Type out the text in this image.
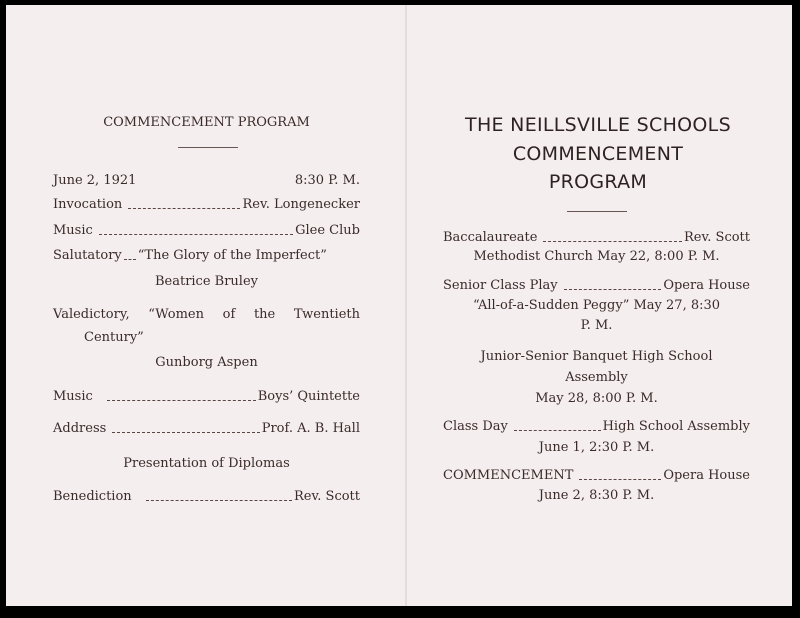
COMMENCEMENT PROGRAM
June 2, 1921	8:30 P. M.
Invocation	Rev. Longenecker
Music	Glee Club
Salutatory “The Glory of the Imperfect”
Beatrice Bruley
Valedictory, “Women of the Twentieth
Century”
Gunborg Aspen
Music	Boys’ Quintette
Address	Prof. A. B. Hall
Presentation of Diplomas
Benediction	Rev. Scott
THE NEILLSVILLE SCHOOLS
COMMENCEMENT
PROGRAM
Baccalaureate	Rev. Scott
Methodist Church May 22, 8:00 P. M.
Senior Class Play	Opera House
“All-of-a-Sudden Peggy” May 27, 8:30
P. M.
Junior-Senior Banquet High School
Assembly
May 28, 8:00 P. M.
Class Day	High School Assembly
June 1, 2:30 P. M.
COMMENCEMENT	Opera House
June 2, 8:30 P. M.
